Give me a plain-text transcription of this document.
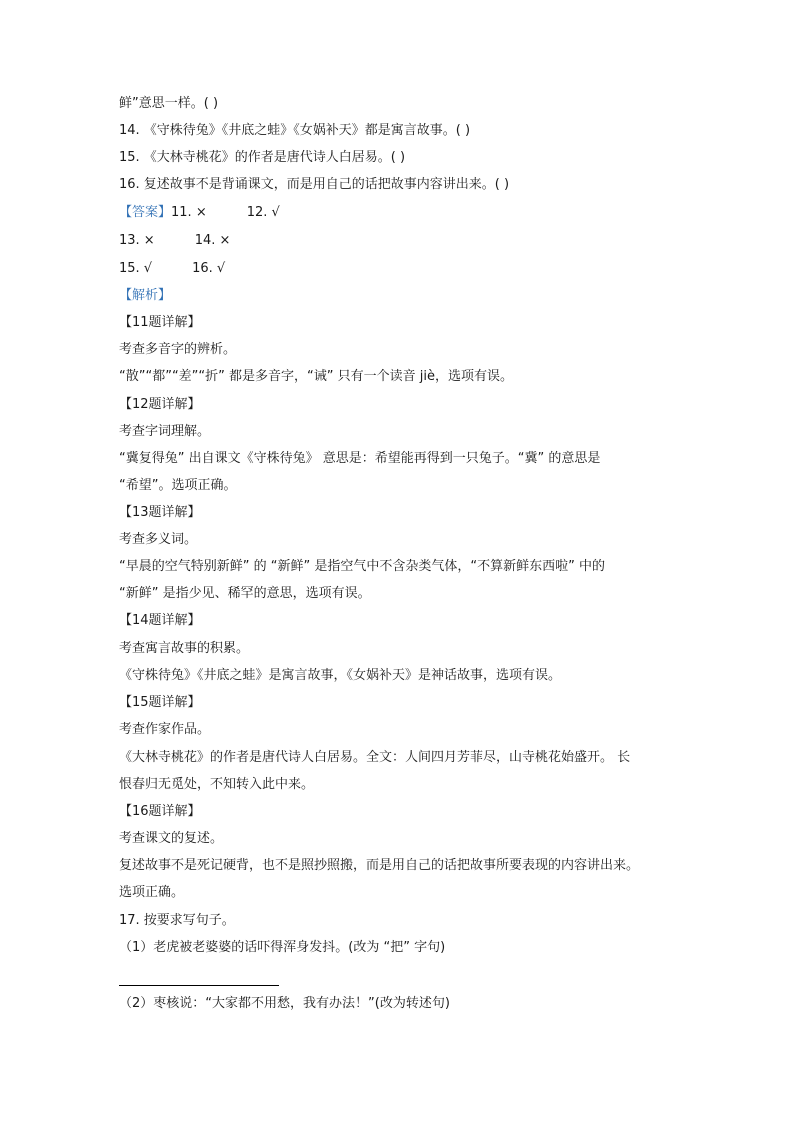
鲜”意思一样。( )
14. 《守株待兔》《井底之蛙》《女娲补天》都是寓言故事。( )
15. 《大林寺桃花》的作者是唐代诗人白居易。( )
16. 复述故事不是背诵课文，而是用自己的话把故事内容讲出来。( )
【答案】11. ×	12. √
13. ×	14. ×
15. √	16. √
【解析】
【11题详解】
考查多音字的辨析。
“散”“都”“差”“折” 都是多音字，“诫” 只有一个读音 jiè，选项有误。
【12题详解】
考查字词理解。
“冀复得兔” 出自课文《守株待兔》 意思是：希望能再得到一只兔子。“冀” 的意思是
“希望”。选项正确。
【13题详解】
考查多义词。
“早晨的空气特别新鲜” 的 “新鲜” 是指空气中不含杂类气体，“不算新鲜东西啦” 中的
“新鲜” 是指少见、稀罕的意思，选项有误。
【14题详解】
考查寓言故事的积累。
《守株待兔》《井底之蛙》是寓言故事，《女娲补天》是神话故事，选项有误。
【15题详解】
考查作家作品。
《大林寺桃花》的作者是唐代诗人白居易。全文：人间四月芳菲尽，山寺桃花始盛开。 长
恨春归无觅处，不知转入此中来。
【16题详解】
考查课文的复述。
复述故事不是死记硬背，也不是照抄照搬，而是用自己的话把故事所要表现的内容讲出来。
选项正确。
17. 按要求写句子。
（1）老虎被老婆婆的话吓得浑身发抖。(改为 “把” 字句)
（2）枣核说：“大家都不用愁，我有办法！”(改为转述句)
